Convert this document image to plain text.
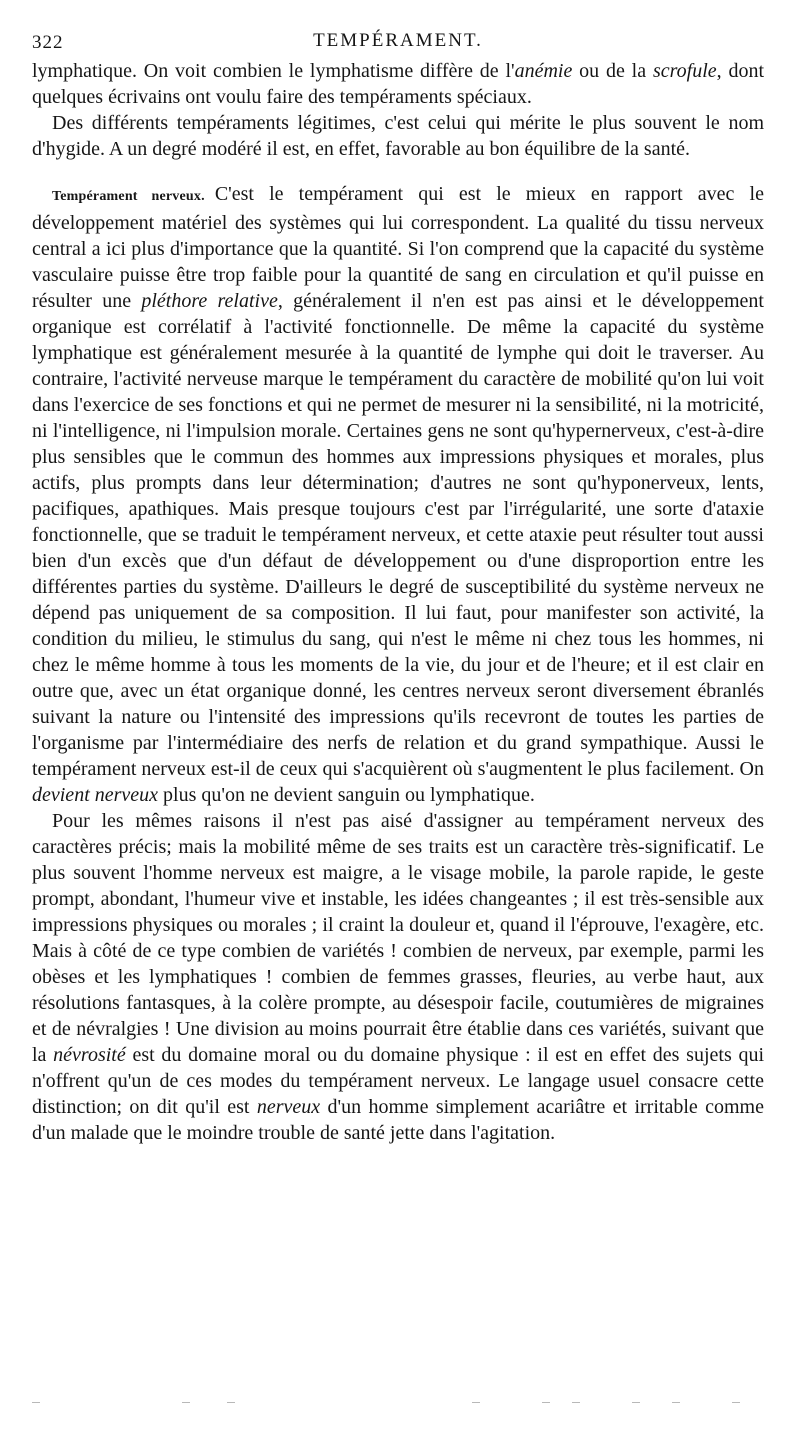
322	TEMPÉRAMENT.

lymphatique. On voit combien le lymphatisme diffère de l'anémie ou de la scrofule, dont quelques écrivains ont voulu faire des tempéraments spéciaux.

Des différents tempéraments légitimes, c'est celui qui mérite le plus souvent le nom d'hygide. A un degré modéré il est, en effet, favorable au bon équilibre de la santé.

Tempérament nerveux. C'est le tempérament qui est le mieux en rapport avec le développement matériel des systèmes qui lui correspondent. La qualité du tissu nerveux central a ici plus d'importance que la quantité. Si l'on comprend que la capacité du système vasculaire puisse être trop faible pour la quantité de sang en circulation et qu'il puisse en résulter une pléthore relative, généralement il n'en est pas ainsi et le développement organique est corrélatif à l'activité fonctionnelle. De même la capacité du système lymphatique est généralement mesurée à la quantité de lymphe qui doit le traverser. Au contraire, l'activité nerveuse marque le tempérament du caractère de mobilité qu'on lui voit dans l'exercice de ses fonctions et qui ne permet de mesurer ni la sensibilité, ni la motricité, ni l'intelligence, ni l'impulsion morale. Certaines gens ne sont qu'hypernerveux, c'est-à-dire plus sensibles que le commun des hommes aux impressions physiques et morales, plus actifs, plus prompts dans leur détermination; d'autres ne sont qu'hyponerveux, lents, pacifiques, apathiques. Mais presque toujours c'est par l'irrégularité, une sorte d'ataxie fonctionnelle, que se traduit le tempérament nerveux, et cette ataxie peut résulter tout aussi bien d'un excès que d'un défaut de développement ou d'une disproportion entre les différentes parties du système. D'ailleurs le degré de susceptibilité du système nerveux ne dépend pas uniquement de sa composition. Il lui faut, pour manifester son activité, la condition du milieu, le stimulus du sang, qui n'est le même ni chez tous les hommes, ni chez le même homme à tous les moments de la vie, du jour et de l'heure; et il est clair en outre que, avec un état organique donné, les centres nerveux seront diversement ébranlés suivant la nature ou l'intensité des impressions qu'ils recevront de toutes les parties de l'organisme par l'intermédiaire des nerfs de relation et du grand sympathique. Aussi le tempérament nerveux est-il de ceux qui s'acquièrent où s'augmentent le plus facilement. On devient nerveux plus qu'on ne devient sanguin ou lymphatique.

Pour les mêmes raisons il n'est pas aisé d'assigner au tempérament nerveux des caractères précis; mais la mobilité même de ses traits est un caractère très-significatif. Le plus souvent l'homme nerveux est maigre, a le visage mobile, la parole rapide, le geste prompt, abondant, l'humeur vive et instable, les idées changeantes ; il est très-sensible aux impressions physiques ou morales ; il craint la douleur et, quand il l'éprouve, l'exagère, etc. Mais à côté de ce type combien de variétés ! combien de nerveux, par exemple, parmi les obèses et les lymphatiques ! combien de femmes grasses, fleuries, au verbe haut, aux résolutions fantasques, à la colère prompte, au désespoir facile, coutumières de migraines et de névralgies ! Une division au moins pourrait être établie dans ces variétés, suivant que la névrosité est du domaine moral ou du domaine physique : il est en effet des sujets qui n'offrent qu'un de ces modes du tempérament nerveux. Le langage usuel consacre cette distinction; on dit qu'il est nerveux d'un homme simplement acariâtre et irritable comme d'un malade que le moindre trouble de santé jette dans l'agitation.
